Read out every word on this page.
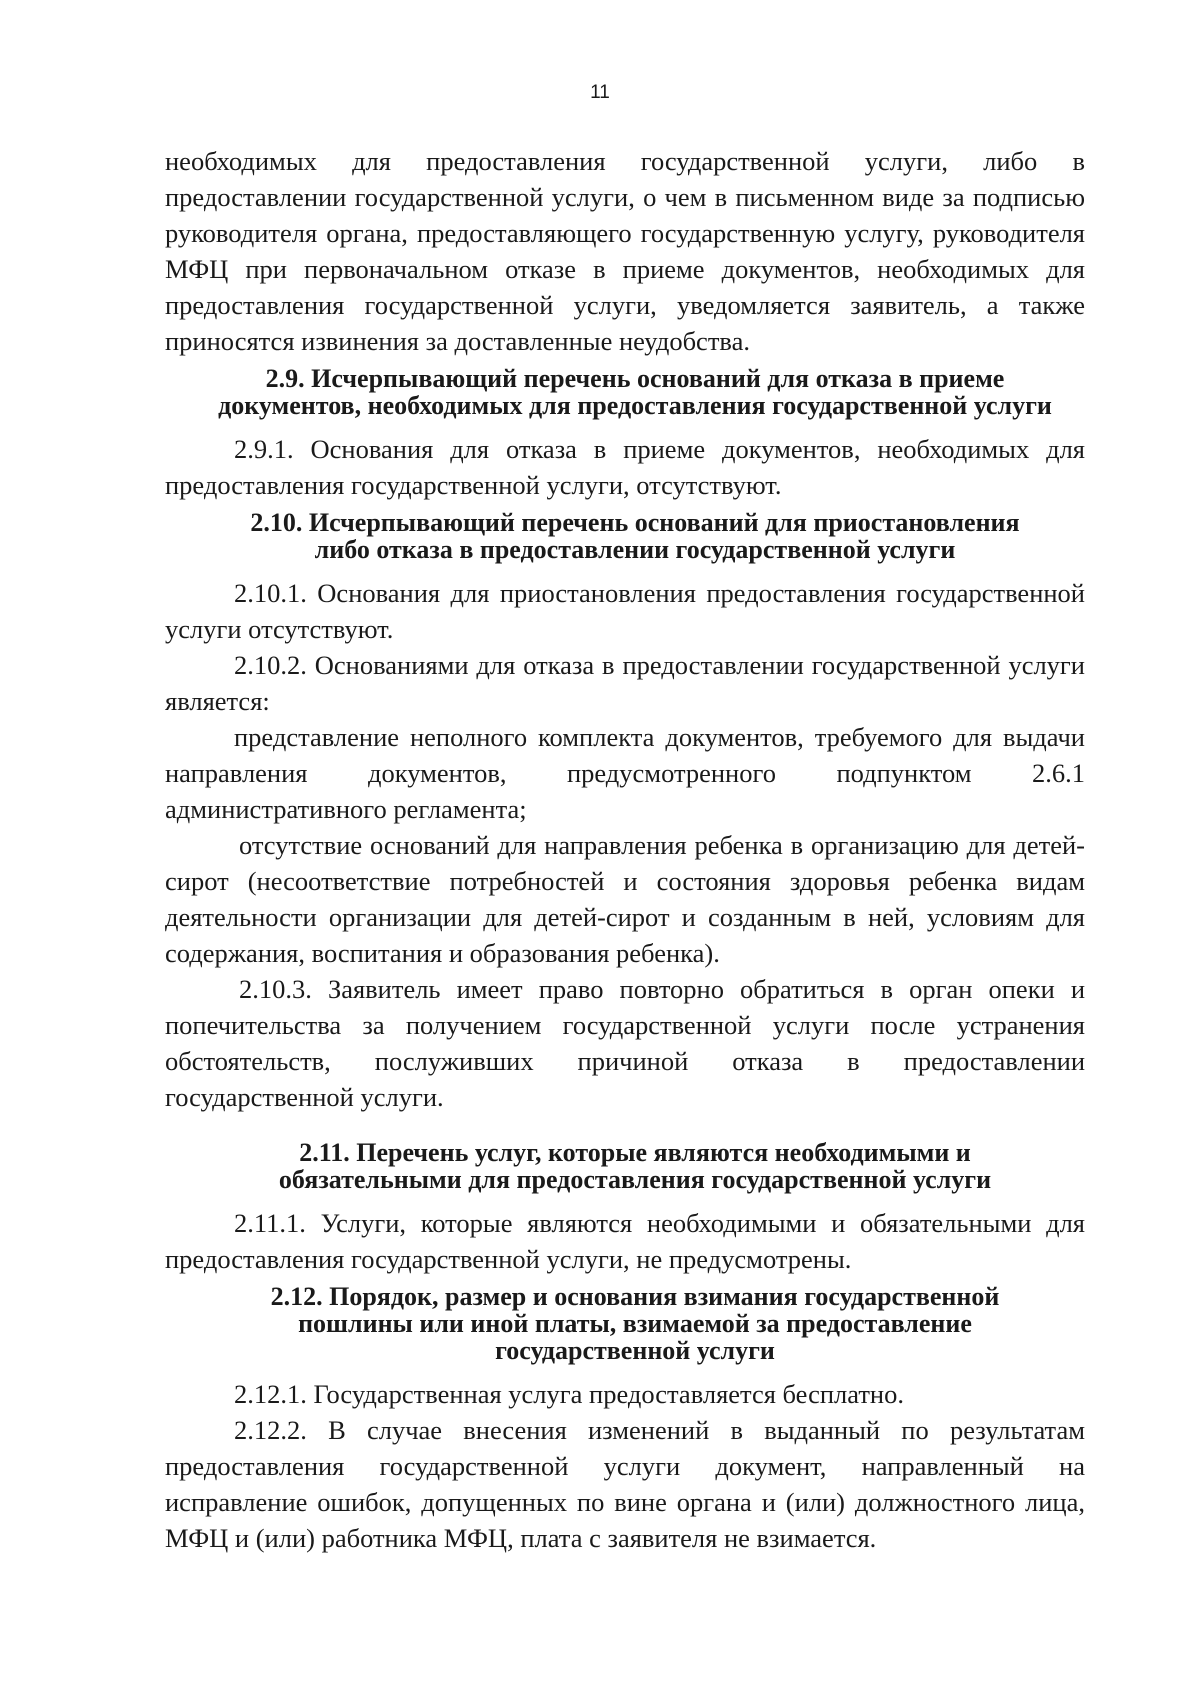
11

необходимых для предоставления государственной услуги, либо в предоставлении государственной услуги, о чем в письменном виде за подписью руководителя органа, предоставляющего государственную услугу, руководителя МФЦ при первоначальном отказе в приеме документов, необходимых для предоставления государственной услуги, уведомляется заявитель, а также приносятся извинения за доставленные неудобства.

2.9. Исчерпывающий перечень оснований для отказа в приеме
документов, необходимых для предоставления государственной услуги

2.9.1. Основания для отказа в приеме документов, необходимых для предоставления государственной услуги, отсутствуют.

2.10. Исчерпывающий перечень оснований для приостановления
либо отказа в предоставлении государственной услуги

2.10.1. Основания для приостановления предоставления государственной услуги отсутствуют.

2.10.2. Основаниями для отказа в предоставлении государственной услуги является:

представление неполного комплекта документов, требуемого для выдачи направления документов, предусмотренного подпунктом 2.6.1 административного регламента;

отсутствие оснований для направления ребенка в организацию для детей-сирот (несоответствие потребностей и состояния здоровья ребенка видам деятельности организации для детей-сирот и созданным в ней, условиям для содержания, воспитания и образования ребенка).

2.10.3. Заявитель имеет право повторно обратиться в орган опеки и попечительства за получением государственной услуги после устранения обстоятельств, послуживших причиной отказа в предоставлении государственной услуги.

2.11. Перечень услуг, которые являются необходимыми и
обязательными для предоставления государственной услуги

2.11.1. Услуги, которые являются необходимыми и обязательными для предоставления государственной услуги, не предусмотрены.

2.12. Порядок, размер и основания взимания государственной
пошлины или иной платы, взимаемой за предоставление
государственной услуги

2.12.1. Государственная услуга предоставляется бесплатно.

2.12.2. В случае внесения изменений в выданный по результатам предоставления государственной услуги документ, направленный на исправление ошибок, допущенных по вине органа и (или) должностного лица, МФЦ и (или) работника МФЦ, плата с заявителя не взимается.
